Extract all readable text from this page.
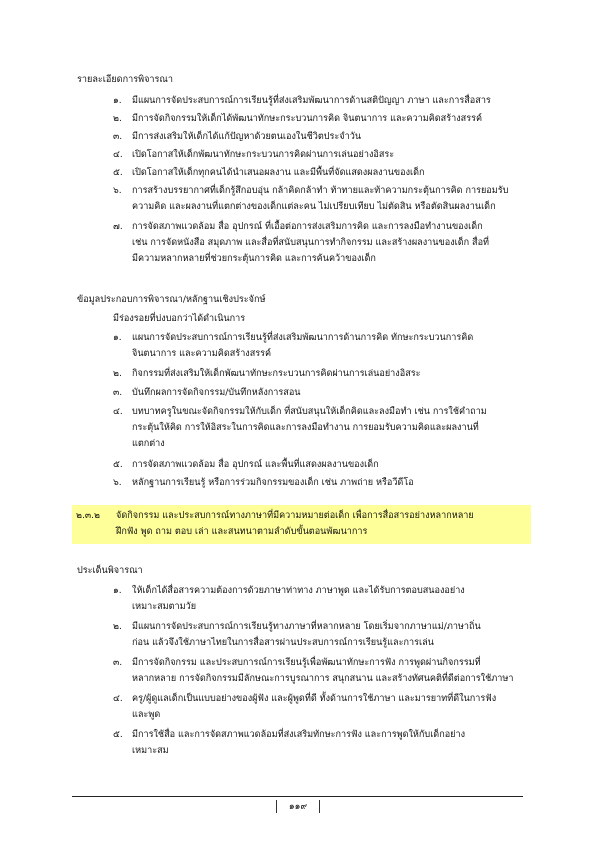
รายละเอียดการพิจารณา
๑.	มีแผนการจัดประสบการณ์การเรียนรู้ที่ส่งเสริมพัฒนาการด้านสติปัญญา ภาษา และการสื่อสาร
๒.	มีการจัดกิจกรรมให้เด็กได้พัฒนาทักษะกระบวนการคิด จินตนาการ และความคิดสร้างสรรค์
๓.	มีการส่งเสริมให้เด็กได้แก้ปัญหาด้วยตนเองในชีวิตประจำวัน
๔.	เปิดโอกาสให้เด็กพัฒนาทักษะกระบวนการคิดผ่านการเล่นอย่างอิสระ
๕.	เปิดโอกาสให้เด็กทุกคนได้นำเสนอผลงาน และมีพื้นที่จัดแสดงผลงานของเด็ก
๖.	การสร้างบรรยากาศที่เด็กรู้สึกอบอุ่น กล้าคิดกล้าทำ ท้าทายและท้าความกระตุ้นการคิด การยอมรับ
ความคิด และผลงานที่แตกต่างของเด็กแต่ละคน ไม่เปรียบเทียบ ไม่ตัดสิน หรือตัดสินผลงานเด็ก
๗.	การจัดสภาพแวดล้อม สื่อ อุปกรณ์ ที่เอื้อต่อการส่งเสริมการคิด และการลงมือทำงานของเด็ก
เช่น การจัดหนังสือ สมุดภาพ และสื่อที่สนับสนุนการทำกิจกรรม และสร้างผลงานของเด็ก สื่อที่
มีความหลากหลายที่ช่วยกระตุ้นการคิด และการค้นคว้าของเด็ก
ข้อมูลประกอบการพิจารณา/หลักฐานเชิงประจักษ์
มีร่องรอยที่บ่งบอกว่าได้ดำเนินการ
๑.	แผนการจัดประสบการณ์การเรียนรู้ที่ส่งเสริมพัฒนาการด้านการคิด ทักษะกระบวนการคิด
จินตนาการ และความคิดสร้างสรรค์
๒.	กิจกรรมที่ส่งเสริมให้เด็กพัฒนาทักษะกระบวนการคิดผ่านการเล่นอย่างอิสระ
๓.	บันทึกผลการจัดกิจกรรม/บันทึกหลังการสอน
๔.	บทบาทครูในขณะจัดกิจกรรมให้กับเด็ก ที่สนับสนุนให้เด็กคิดและลงมือทำ เช่น การใช้คำถาม
กระตุ้นให้คิด การให้อิสระในการคิดและการลงมือทำงาน การยอมรับความคิดและผลงานที่
แตกต่าง
๕.	การจัดสภาพแวดล้อม สื่อ อุปกรณ์ และพื้นที่แสดงผลงานของเด็ก
๖.	หลักฐานการเรียนรู้ หรือการร่วมกิจกรรมของเด็ก เช่น ภาพถ่าย หรือวีดีโอ
๒.๓.๒ จัดกิจกรรม และประสบการณ์ทางภาษาที่มีความหมายต่อเด็ก เพื่อการสื่อสารอย่างหลากหลาย
ฝึกฟัง พูด ถาม ตอบ เล่า และสนทนาตามลำดับขั้นตอนพัฒนาการ
ประเด็นพิจารณา
๑.	ให้เด็กได้สื่อสารความต้องการด้วยภาษาท่าทาง ภาษาพูด และได้รับการตอบสนองอย่าง
เหมาะสมตามวัย
๒.	มีแผนการจัดประสบการณ์การเรียนรู้ทางภาษาที่หลากหลาย โดยเริ่มจากภาษาแม่/ภาษาถิ่น
ก่อน แล้วจึงใช้ภาษาไทยในการสื่อสารผ่านประสบการณ์การเรียนรู้และการเล่น
๓.	มีการจัดกิจกรรม และประสบการณ์การเรียนรู้เพื่อพัฒนาทักษะการฟัง การพูดผ่านกิจกรรมที่
หลากหลาย การจัดกิจกรรมมีลักษณะการบูรณาการ สนุกสนาน และสร้างทัศนคติที่ดีต่อการใช้ภาษา
๔.	ครู/ผู้ดูแลเด็กเป็นแบบอย่างของผู้ฟัง และผู้พูดที่ดี ทั้งด้านการใช้ภาษา และมารยาทที่ดีในการฟัง
และพูด
๕.	มีการใช้สื่อ และการจัดสภาพแวดล้อมที่ส่งเสริมทักษะการฟัง และการพูดให้กับเด็กอย่าง
เหมาะสม
๑๑๙
